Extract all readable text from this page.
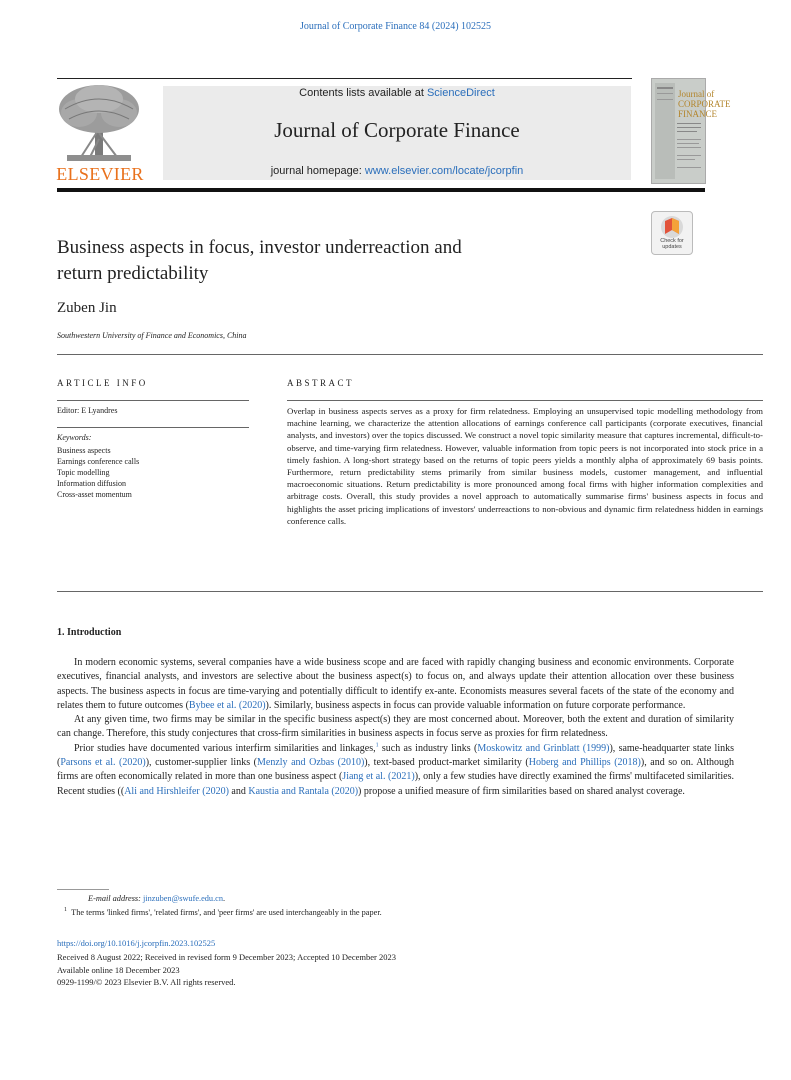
Journal of Corporate Finance 84 (2024) 102525
ELSEVIER
Contents lists available at ScienceDirect
Journal of Corporate Finance
journal homepage: www.elsevier.com/locate/jcorpfin
Journal of
CORPORATE
FINANCE
Check for
updates
Business aspects in focus, investor underreaction and
return predictability
Zuben Jin
Southwestern University of Finance and Economics, China
ARTICLE INFO	ABSTRACT
Editor: E Lyandres
Keywords:
Business aspects
Earnings conference calls
Topic modelling
Information diffusion
Cross-asset momentum
Overlap in business aspects serves as a proxy for firm relatedness. Employing an unsupervised topic modelling methodology from machine learning, we characterize the attention allocations of earnings conference call participants (corporate executives, financial analysts, and investors) over the topics discussed. We construct a novel topic similarity measure that captures incremental, difficult-to-observe, and time-varying firm relatedness. However, valuable information from topic peers is not incorporated into stock price in a timely fashion. A long-short strategy based on the returns of topic peers yields a monthly alpha of approximately 69 basis points. Furthermore, return predictability stems primarily from similar business models, customer management, and influential macroeconomic situations. Return predictability is more pronounced among focal firms with higher information complexities and arbitrage costs. Overall, this study provides a novel approach to automatically summarise firms' business aspects in focus and highlights the asset pricing implications of investors' underreactions to non-obvious and dynamic firm relatedness hidden in earnings conference calls.
1. Introduction

In modern economic systems, several companies have a wide business scope and are faced with rapidly changing business and economic environments. Corporate executives, financial analysts, and investors are selective about the business aspect(s) to focus on, and always update their attention allocation over these business aspects. The business aspects in focus are time-varying and potentially difficult to identify ex-ante. Economists measures several facets of the state of the economy and relates them to future outcomes (Bybee et al. (2020)). Similarly, business aspects in focus can provide valuable information on future corporate performance.

At any given time, two firms may be similar in the specific business aspect(s) they are most concerned about. Moreover, both the extent and duration of similarity can change. Therefore, this study conjectures that cross-firm similarities in business aspects in focus serve as proxies for firm relatedness.

Prior studies have documented various interfirm similarities and linkages,$^1$ such as industry links (Moskowitz and Grinblatt (1999)), same-headquarter state links (Parsons et al. (2020)), customer-supplier links (Menzly and Ozbas (2010)), text-based product-market similarity (Hoberg and Phillips (2018)), and so on. Although firms are often economically related in more than one business aspect (Jiang et al. (2021)), only a few studies have directly examined the firms' multifaceted similarities. Recent studies ((Ali and Hirshleifer (2020) and Kaustia and Rantala (2020)) propose a unified measure of firm similarities based on shared analyst coverage.

E-mail address: jinzuben@swufe.edu.cn.
$^1$ The terms 'linked firms', 'related firms', and 'peer firms' are used interchangeably in the paper.
https://doi.org/10.1016/j.jcorpfin.2023.102525
Received 8 August 2022; Received in revised form 9 December 2023; Accepted 10 December 2023
Available online 18 December 2023
0929-1199/© 2023 Elsevier B.V. All rights reserved.
